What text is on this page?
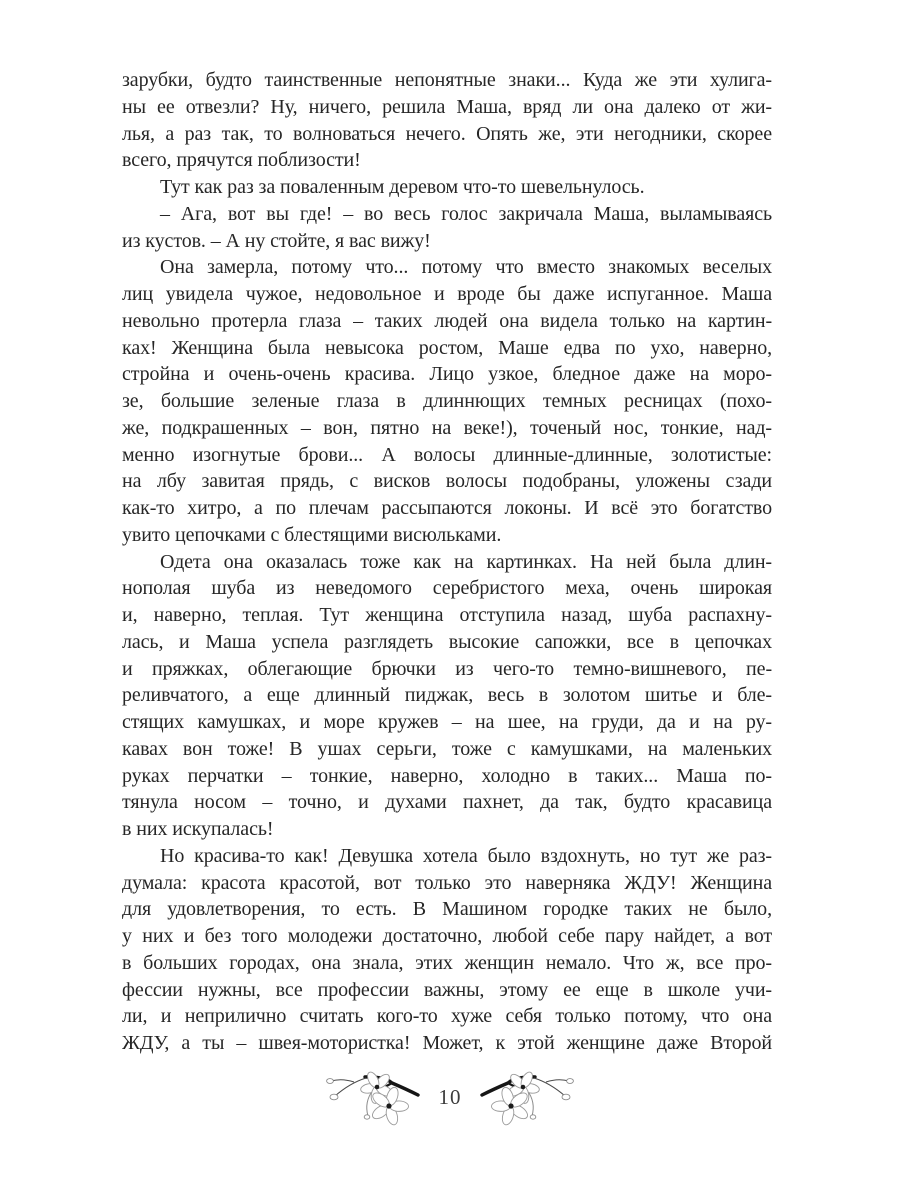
зарубки, будто таинственные непонятные знаки... Куда же эти хулига-
ны ее отвезли? Ну, ничего, решила Маша, вряд ли она далеко от жи-
лья, а раз так, то волноваться нечего. Опять же, эти негодники, скорее
всего, прячутся поблизости!
Тут как раз за поваленным деревом что-то шевельнулось.
– Ага, вот вы где! – во весь голос закричала Маша, выламываясь
из кустов. – А ну стойте, я вас вижу!
Она замерла, потому что... потому что вместо знакомых веселых
лиц увидела чужое, недовольное и вроде бы даже испуганное. Маша
невольно протерла глаза – таких людей она видела только на картин-
ках! Женщина была невысока ростом, Маше едва по ухо, наверно,
стройна и очень-очень красива. Лицо узкое, бледное даже на моро-
зе, большие зеленые глаза в длиннющих темных ресницах (похо-
же, подкрашенных – вон, пятно на веке!), точеный нос, тонкие, над-
менно изогнутые брови... А волосы длинные-длинные, золотистые:
на лбу завитая прядь, с висков волосы подобраны, уложены сзади
как-то хитро, а по плечам рассыпаются локоны. И всё это богатство
увито цепочками с блестящими висюльками.
Одета она оказалась тоже как на картинках. На ней была длин-
нополая шуба из неведомого серебристого меха, очень широкая
и, наверно, теплая. Тут женщина отступила назад, шуба распахну-
лась, и Маша успела разглядеть высокие сапожки, все в цепочках
и пряжках, облегающие брючки из чего-то темно-вишневого, пе-
реливчатого, а еще длинный пиджак, весь в золотом шитье и бле-
стящих камушках, и море кружев – на шее, на груди, да и на ру-
кавах вон тоже! В ушах серьги, тоже с камушками, на маленьких
руках перчатки – тонкие, наверно, холодно в таких... Маша по-
тянула носом – точно, и духами пахнет, да так, будто красавица
в них искупалась!
Но красива-то как! Девушка хотела было вздохнуть, но тут же раз-
думала: красота красотой, вот только это наверняка ЖДУ! Женщина
для удовлетворения, то есть. В Машином городке таких не было,
у них и без того молодежи достаточно, любой себе пару найдет, а вот
в больших городах, она знала, этих женщин немало. Что ж, все про-
фессии нужны, все профессии важны, этому ее еще в школе учи-
ли, и неприлично считать кого-то хуже себя только потому, что она
ЖДУ, а ты – швея-мотористка! Может, к этой женщине даже Второй
10
